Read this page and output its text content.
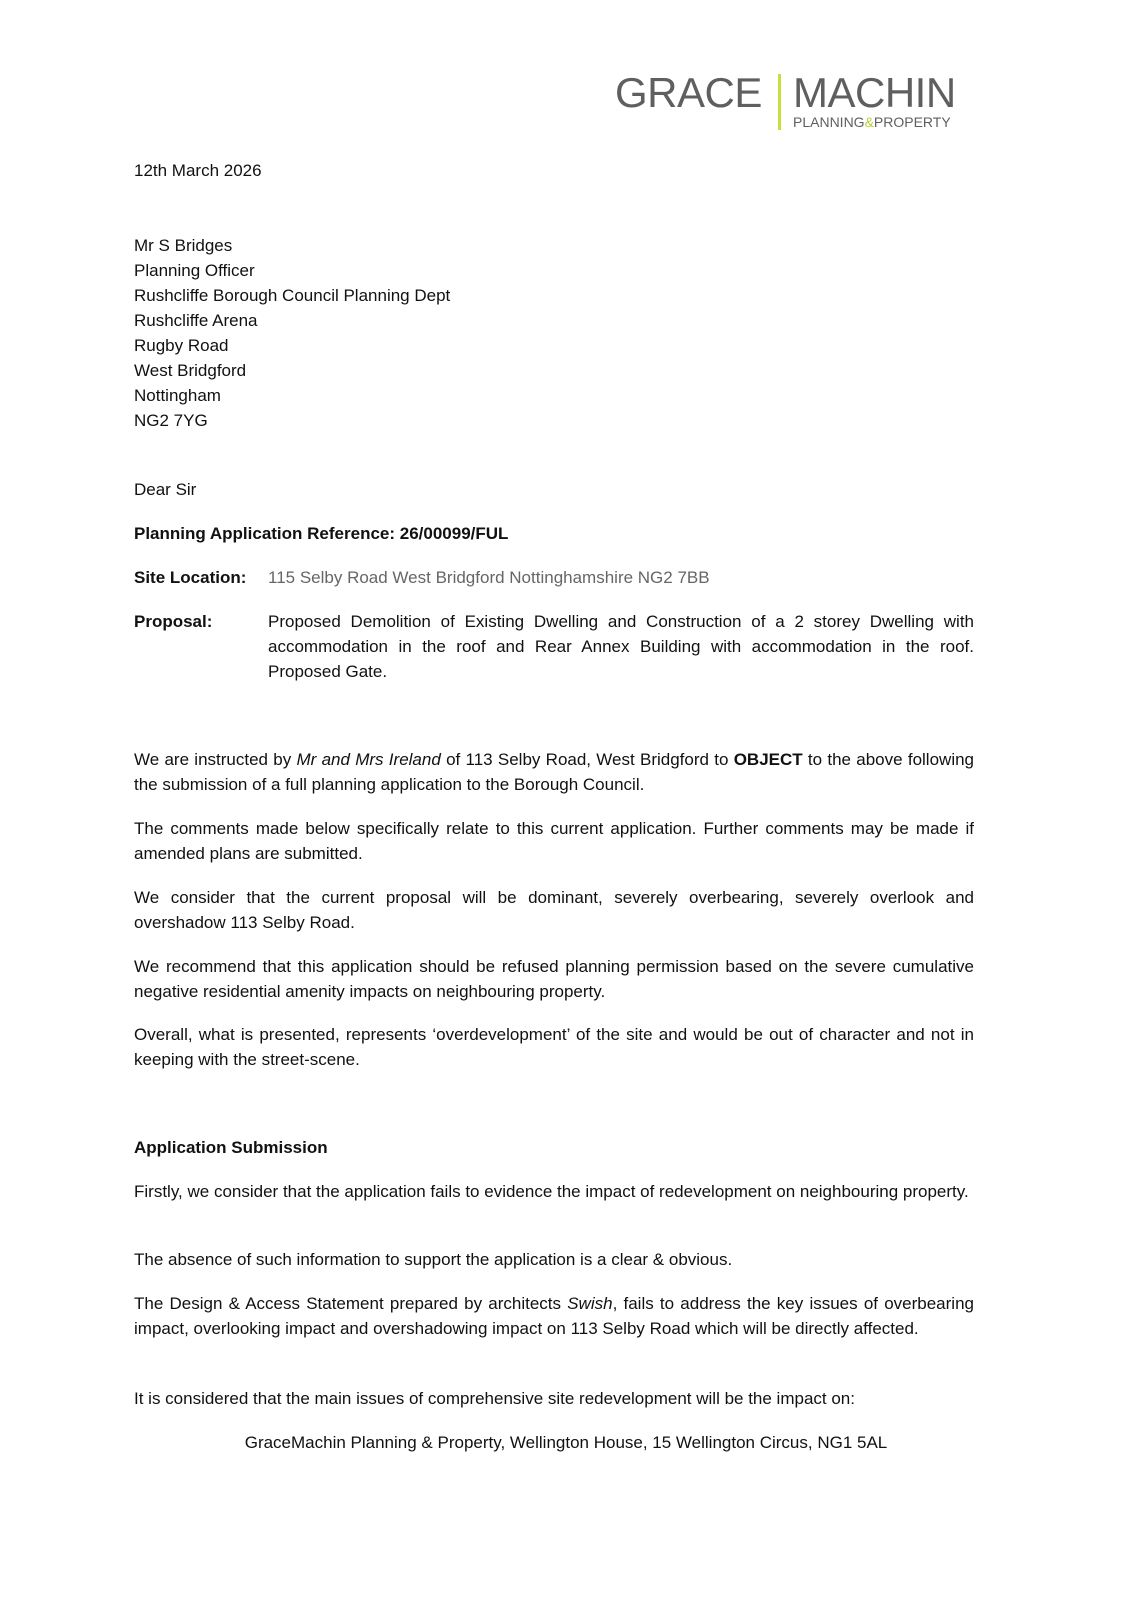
GRACE MACHIN
PLANNING&PROPERTY
12th March 2026
Mr S Bridges
Planning Officer
Rushcliffe Borough Council Planning Dept
Rushcliffe Arena
Rugby Road
West Bridgford
Nottingham
NG2 7YG
Dear Sir
Planning Application Reference: 26/00099/FUL
Site Location: 115 Selby Road West Bridgford Nottinghamshire NG2 7BB
Proposal:	Proposed Demolition of Existing Dwelling and Construction of a 2 storey Dwelling with accommodation in the roof and Rear Annex Building with accommodation in the roof. Proposed Gate.
We are instructed by Mr and Mrs Ireland of 113 Selby Road, West Bridgford to OBJECT to the above following the submission of a full planning application to the Borough Council.
The comments made below specifically relate to this current application. Further comments may be made if amended plans are submitted.
We consider that the current proposal will be dominant, severely overbearing, severely overlook and overshadow 113 Selby Road.
We recommend that this application should be refused planning permission based on the severe cumulative negative residential amenity impacts on neighbouring property.
Overall, what is presented, represents ‘overdevelopment’ of the site and would be out of character and not in keeping with the street-scene.
Application Submission
Firstly, we consider that the application fails to evidence the impact of redevelopment on neighbouring property.
The absence of such information to support the application is a clear & obvious.
The Design & Access Statement prepared by architects Swish, fails to address the key issues of overbearing impact, overlooking impact and overshadowing impact on 113 Selby Road which will be directly affected.
It is considered that the main issues of comprehensive site redevelopment will be the impact on:
GraceMachin Planning & Property, Wellington House, 15 Wellington Circus, NG1 5AL
